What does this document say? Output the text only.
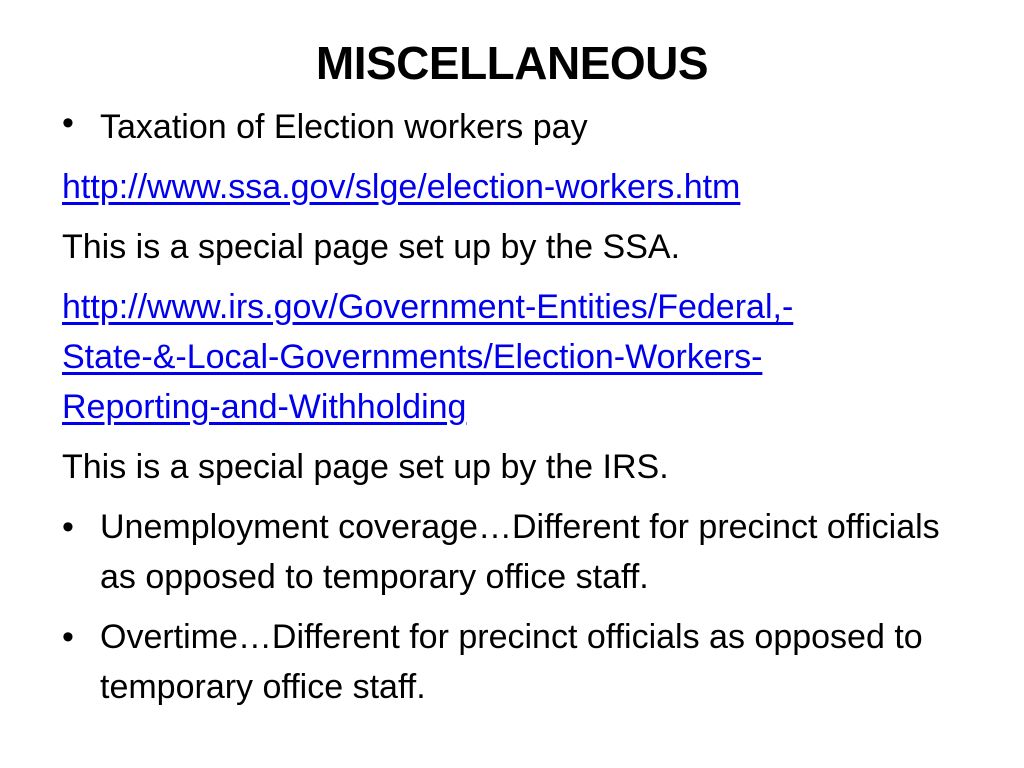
MISCELLANEOUS
• Taxation of Election workers pay
http://www.ssa.gov/slge/election-workers.htm
This is a special page set up by the SSA.
http://www.irs.gov/Government-Entities/Federal,-
State-&-Local-Governments/Election-Workers-
Reporting-and-Withholding
This is a special page set up by the IRS.
• Unemployment coverage…Different for precinct officials as opposed to temporary office staff.
• Overtime…Different for precinct officials as opposed to temporary office staff.
